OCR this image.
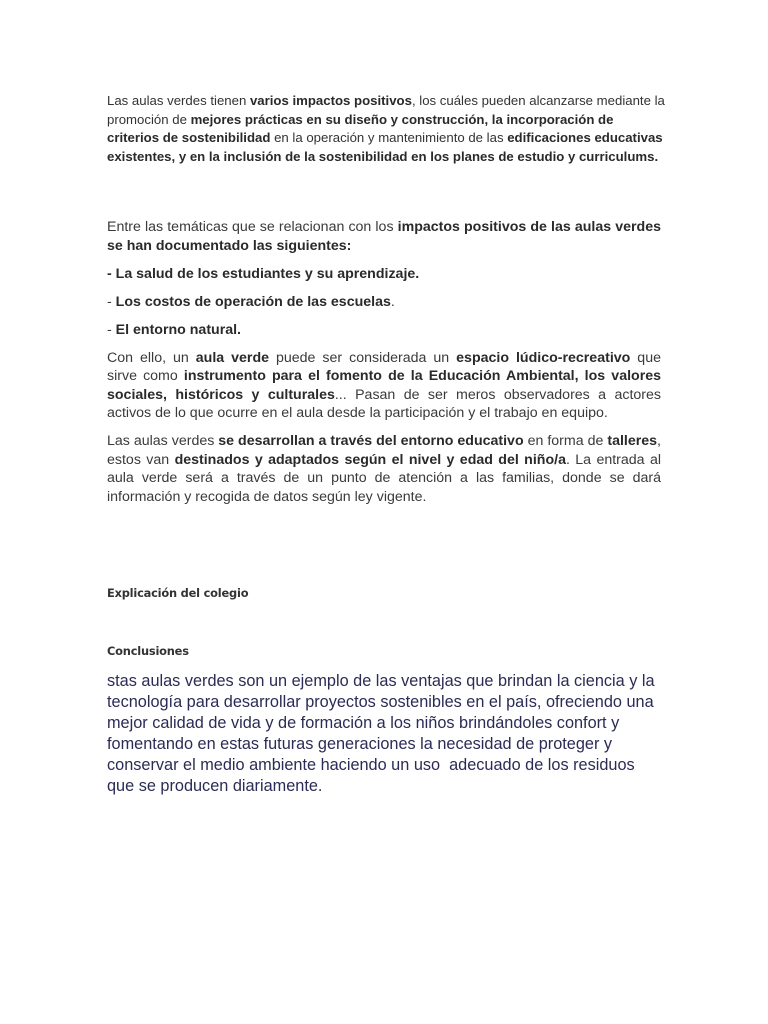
Las aulas verdes tienen varios impactos positivos, los cuáles pueden alcanzarse mediante la promoción de mejores prácticas en su diseño y construcción, la incorporación de criterios de sostenibilidad en la operación y mantenimiento de las edificaciones educativas existentes, y en la inclusión de la sostenibilidad en los planes de estudio y curriculums.

Entre las temáticas que se relacionan con los impactos positivos de las aulas verdes se han documentado las siguientes:

- La salud de los estudiantes y su aprendizaje.

- Los costos de operación de las escuelas.

- El entorno natural.

Con ello, un aula verde puede ser considerada un espacio lúdico-recreativo que sirve como instrumento para el fomento de la Educación Ambiental, los valores sociales, históricos y culturales... Pasan de ser meros observadores a actores activos de lo que ocurre en el aula desde la participación y el trabajo en equipo.

Las aulas verdes se desarrollan a través del entorno educativo en forma de talleres, estos van destinados y adaptados según el nivel y edad del niño/a. La entrada al aula verde será a través de un punto de atención a las familias, donde se dará información y recogida de datos según ley vigente.

Explicación del colegio
Conclusiones
stas aulas verdes son un ejemplo de las ventajas que brindan la ciencia y la
tecnología para desarrollar proyectos sostenibles en el país, ofreciendo una
mejor calidad de vida y de formación a los niños brindándoles confort y
fomentando en estas futuras generaciones la necesidad de proteger y
conservar el medio ambiente haciendo un uso  adecuado de los residuos
que se producen diariamente.
